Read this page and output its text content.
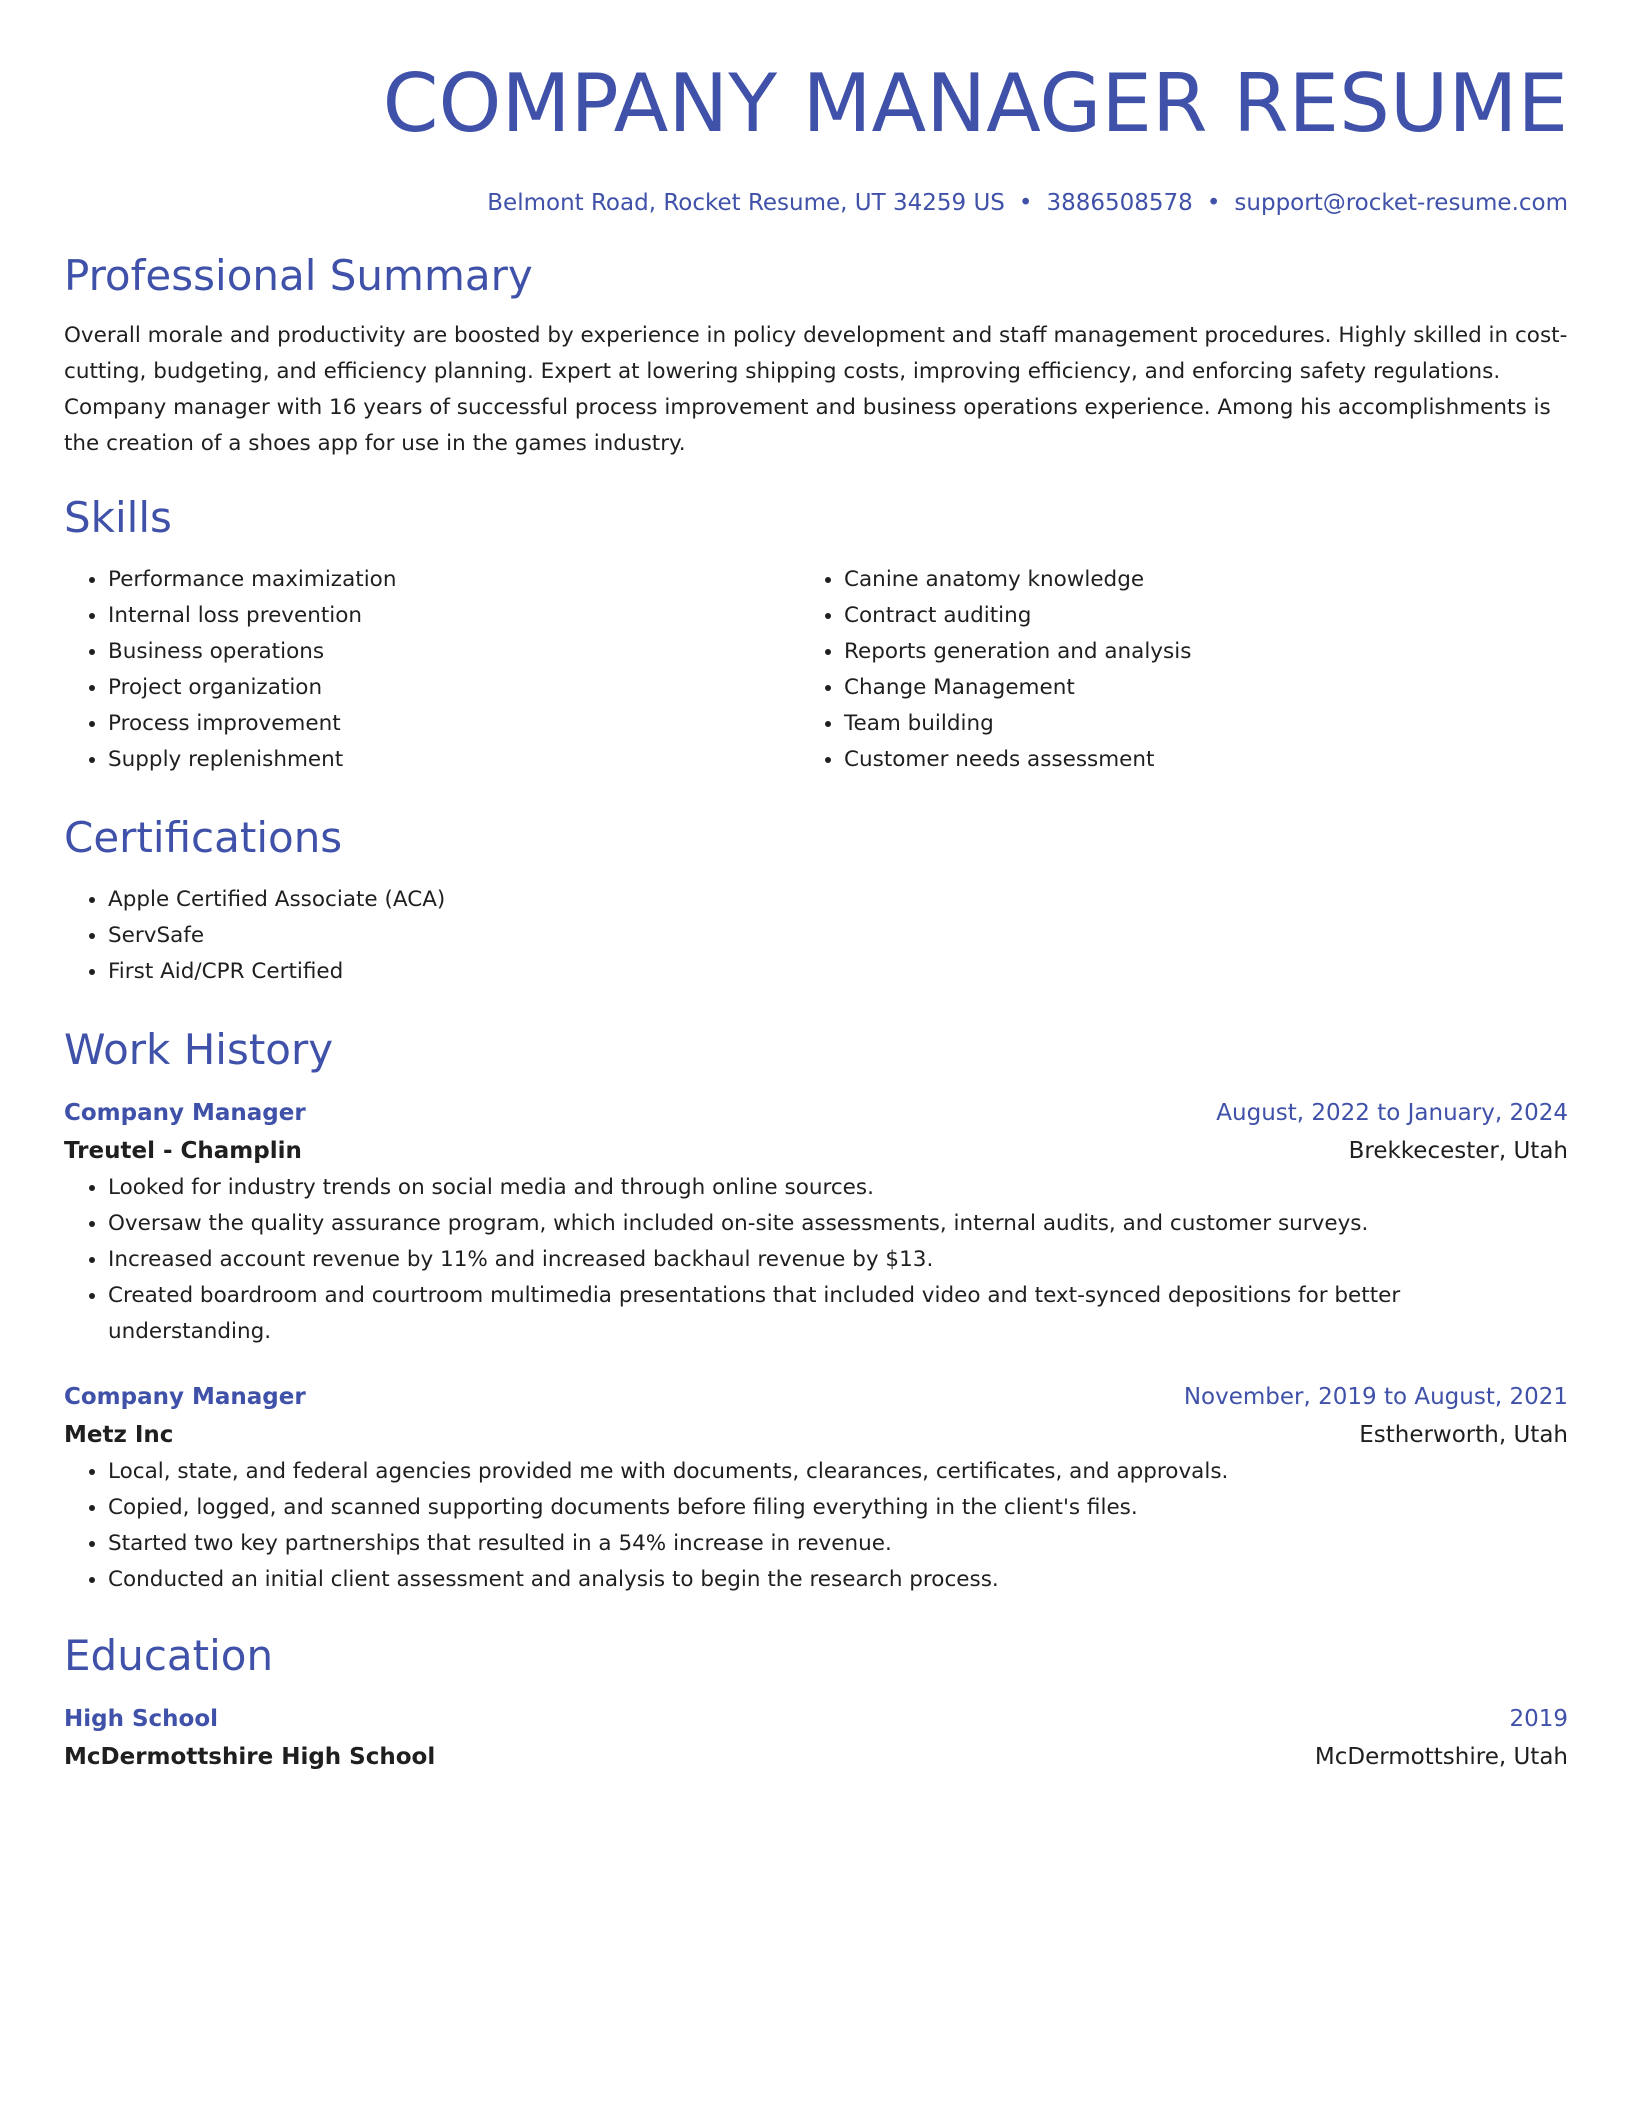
COMPANY MANAGER RESUME
Belmont Road, Rocket Resume, UT 34259 US • 3886508578 • support@rocket-resume.com
Professional Summary

Overall morale and productivity are boosted by experience in policy development and staff management procedures. Highly skilled in cost-cutting, budgeting, and efficiency planning. Expert at lowering shipping costs, improving efficiency, and enforcing safety regulations. Company manager with 16 years of successful process improvement and business operations experience. Among his accomplishments is the creation of a shoes app for use in the games industry.

Skills
• Performance maximization
• Internal loss prevention
• Business operations
• Project organization
• Process improvement
• Supply replenishment
• Canine anatomy knowledge
• Contract auditing
• Reports generation and analysis
• Change Management
• Team building
• Customer needs assessment
Certifications
• Apple Certified Associate (ACA)
• ServSafe
• First Aid/CPR Certified
Work History
Company Manager	August, 2022 to January, 2024
Treutel - Champlin	Brekkecester, Utah
• Looked for industry trends on social media and through online sources.
• Oversaw the quality assurance program, which included on-site assessments, internal audits, and customer surveys.
• Increased account revenue by 11% and increased backhaul revenue by $13.
• Created boardroom and courtroom multimedia presentations that included video and text-synced depositions for better understanding.
Company Manager	November, 2019 to August, 2021
Metz Inc	Estherworth, Utah
• Local, state, and federal agencies provided me with documents, clearances, certificates, and approvals.
• Copied, logged, and scanned supporting documents before filing everything in the client's files.
• Started two key partnerships that resulted in a 54% increase in revenue.
• Conducted an initial client assessment and analysis to begin the research process.
Education
High School	2019
McDermottshire High School	McDermottshire, Utah
